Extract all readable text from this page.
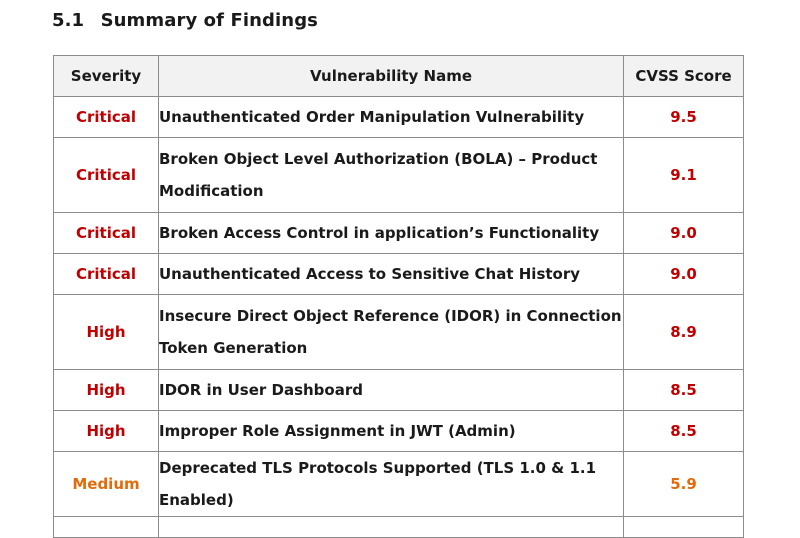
5.1 Summary of Findings
Severity	Vulnerability Name	CVSS Score
Critical	Unauthenticated Order Manipulation Vulnerability	9.5
Critical	Broken Object Level Authorization (BOLA) – Product Modification	9.1
Critical	Broken Access Control in application’s Functionality	9.0
Critical	Unauthenticated Access to Sensitive Chat History	9.0
High	Insecure Direct Object Reference (IDOR) in Connection Token Generation	8.9
High	IDOR in User Dashboard	8.5
High	Improper Role Assignment in JWT (Admin)	8.5
Medium	Deprecated TLS Protocols Supported (TLS 1.0 & 1.1 Enabled)	5.9
